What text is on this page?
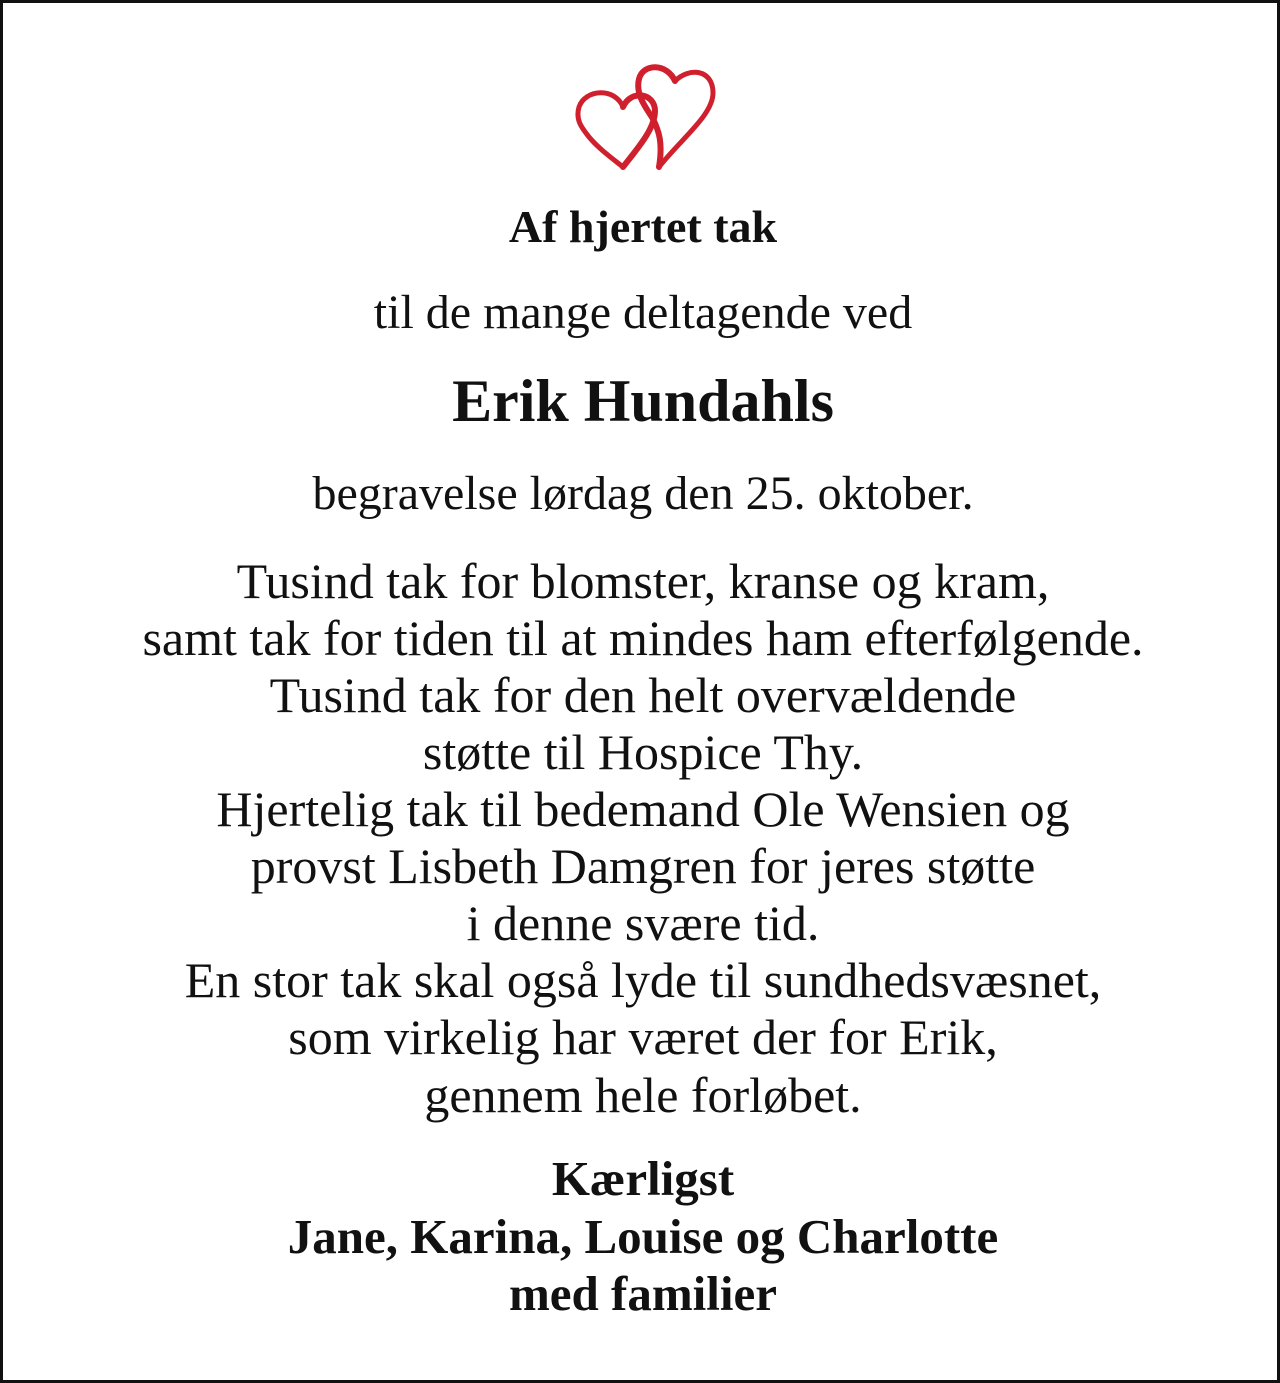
Af hjertet tak
til de mange deltagende ved
Erik Hundahls
begravelse lørdag den 25. oktober.
Tusind tak for blomster, kranse og kram,
samt tak for tiden til at mindes ham efterfølgende.
Tusind tak for den helt overvældende
støtte til Hospice Thy.
Hjertelig tak til bedemand Ole Wensien og
provst Lisbeth Damgren for jeres støtte
i denne svære tid.
En stor tak skal også lyde til sundhedsvæsnet,
som virkelig har været der for Erik,
gennem hele forløbet.
Kærligst
Jane, Karina, Louise og Charlotte
med familier
